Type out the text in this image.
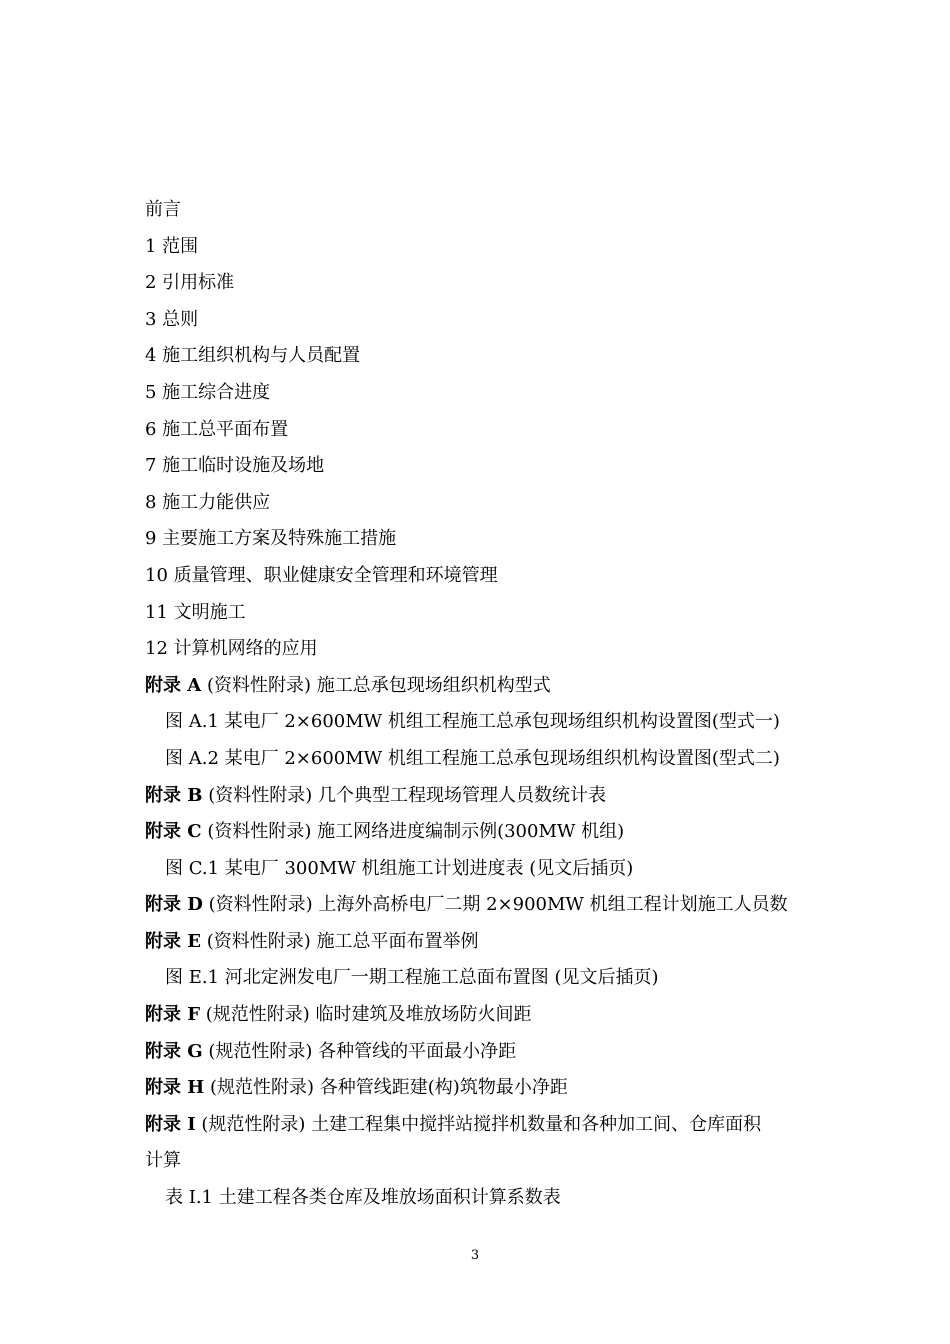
前言
1 范围
2 引用标准
3 总则
4 施工组织机构与人员配置
5 施工综合进度
6 施工总平面布置
7 施工临时设施及场地
8 施工力能供应
9 主要施工方案及特殊施工措施
10 质量管理、职业健康安全管理和环境管理
11 文明施工
12 计算机网络的应用
附录 A (资料性附录) 施工总承包现场组织机构型式
图 A.1 某电厂 2×600MW 机组工程施工总承包现场组织机构设置图(型式一)
图 A.2 某电厂 2×600MW 机组工程施工总承包现场组织机构设置图(型式二)
附录 B (资料性附录) 几个典型工程现场管理人员数统计表
附录 C (资料性附录) 施工网络进度编制示例(300MW 机组)
图 C.1 某电厂 300MW 机组施工计划进度表 (见文后插页)
附录 D (资料性附录) 上海外高桥电厂二期 2×900MW 机组工程计划施工人员数
附录 E (资料性附录) 施工总平面布置举例
图 E.1 河北定洲发电厂一期工程施工总面布置图 (见文后插页)
附录 F (规范性附录) 临时建筑及堆放场防火间距
附录 G (规范性附录) 各种管线的平面最小净距
附录 H (规范性附录) 各种管线距建(构)筑物最小净距
附录 I (规范性附录) 土建工程集中搅拌站搅拌机数量和各种加工间、仓库面积
计算
表 I.1 土建工程各类仓库及堆放场面积计算系数表
3
